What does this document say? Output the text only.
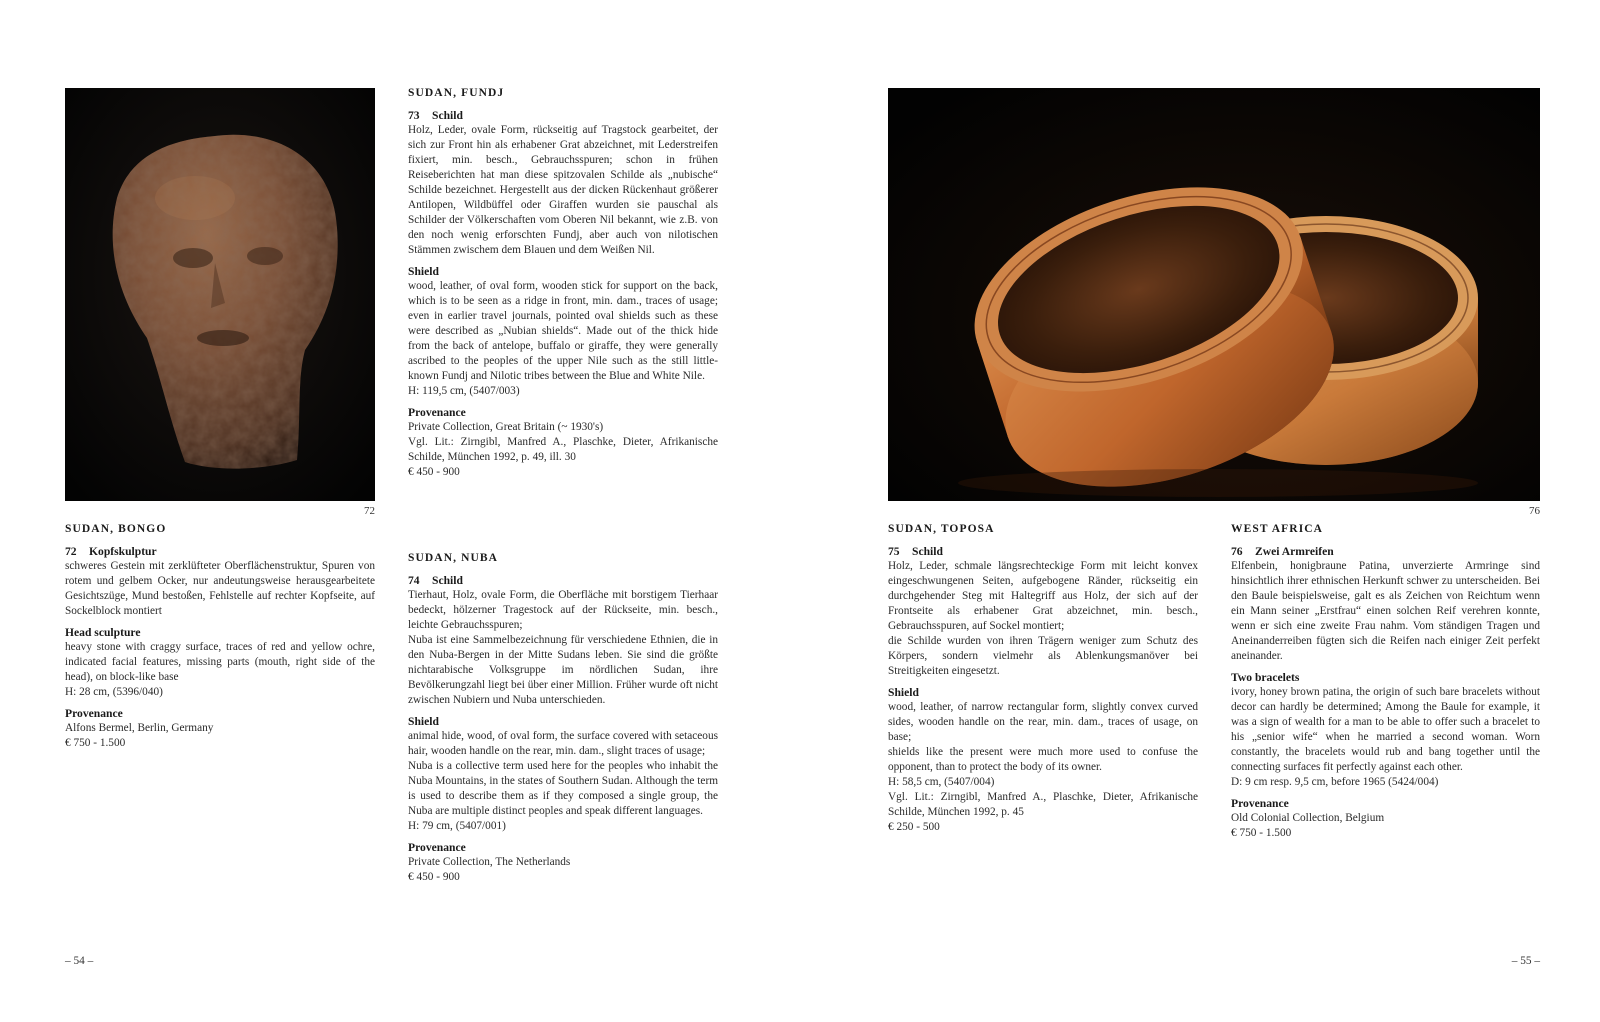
72
SUDAN, BONGO
72 Kopfskulptur

schweres Gestein mit zerklüfteter Oberflächenstruktur, Spuren von rotem und gelbem Ocker, nur andeutungsweise herausgearbeitete Gesichtszüge, Mund bestoßen, Fehlstelle auf rechter Kopfseite, auf Sockelblock montiert

Head sculpture

heavy stone with craggy surface, traces of red and yellow ochre, indicated facial features, missing parts (mouth, right side of the head), on block-like base

H: 28 cm, (5396/040)

Provenance

Alfons Bermel, Berlin, Germany

€ 750 - 1.500

SUDAN, FUNDJ
73 Schild

Holz, Leder, ovale Form, rückseitig auf Tragstock gearbeitet, der sich zur Front hin als erhabener Grat abzeichnet, mit Lederstreifen fixiert, min. besch., Gebrauchsspuren; schon in frühen Reiseberichten hat man diese spitzovalen Schilde als „nubische“ Schilde bezeichnet. Hergestellt aus der dicken Rückenhaut größerer Antilopen, Wildbüffel oder Giraffen wurden sie pauschal als Schilder der Völkerschaften vom Oberen Nil bekannt, wie z.B. von den noch wenig erforschten Fundj, aber auch von nilotischen Stämmen zwischem dem Blauen und dem Weißen Nil.

Shield

wood, leather, of oval form, wooden stick for support on the back, which is to be seen as a ridge in front, min. dam., traces of usage; even in earlier travel journals, pointed oval shields such as these were described as „Nubian shields“. Made out of the thick hide from the back of antelope, buffalo or giraffe, they were generally ascribed to the peoples of the upper Nile such as the still little-known Fundj and Nilotic tribes between the Blue and White Nile.

H: 119,5 cm, (5407/003)

Provenance

Private Collection, Great Britain (~ 1930's)

Vgl. Lit.: Zirngibl, Manfred A., Plaschke, Dieter, Afrikanische Schilde, München 1992, p. 49, ill. 30

€ 450 - 900

SUDAN, NUBA
74 Schild

Tierhaut, Holz, ovale Form, die Oberfläche mit borstigem Tierhaar bedeckt, hölzerner Tragestock auf der Rückseite, min. besch., leichte Gebrauchsspuren;

Nuba ist eine Sammelbezeichnung für verschiedene Ethnien, die in den Nuba-Bergen in der Mitte Sudans leben. Sie sind die größte nichtarabische Volksgruppe im nördlichen Sudan, ihre Bevölkerungzahl liegt bei über einer Million. Früher wurde oft nicht zwischen Nubiern und Nuba unterschieden.

Shield

animal hide, wood, of oval form, the surface covered with setaceous hair, wooden handle on the rear, min. dam., slight traces of usage;

Nuba is a collective term used here for the peoples who inhabit the Nuba Mountains, in the states of Southern Sudan. Although the term is used to describe them as if they composed a single group, the Nuba are multiple distinct peoples and speak different languages.

H: 79 cm, (5407/001)

Provenance

Private Collection, The Netherlands

€ 450 - 900

– 54 –
76
SUDAN, TOPOSA
75 Schild

Holz, Leder, schmale längsrechteckige Form mit leicht konvex eingeschwungenen Seiten, aufgebogene Ränder, rückseitig ein durchgehender Steg mit Haltegriff aus Holz, der sich auf der Frontseite als erhabener Grat abzeichnet, min. besch., Gebrauchsspuren, auf Sockel montiert;

die Schilde wurden von ihren Trägern weniger zum Schutz des Körpers, sondern vielmehr als Ablenkungsmanöver bei Streitigkeiten eingesetzt.

Shield

wood, leather, of narrow rectangular form, slightly convex curved sides, wooden handle on the rear, min. dam., traces of usage, on base;

shields like the present were much more used to confuse the opponent, than to protect the body of its owner.

H: 58,5 cm, (5407/004)

Vgl. Lit.: Zirngibl, Manfred A., Plaschke, Dieter, Afrikanische Schilde, München 1992, p. 45

€ 250 - 500

WEST AFRICA
76 Zwei Armreifen

Elfenbein, honigbraune Patina, unverzierte Armringe sind hinsichtlich ihrer ethnischen Herkunft schwer zu unterscheiden. Bei den Baule beispielsweise, galt es als Zeichen von Reichtum wenn ein Mann seiner „Erstfrau“ einen solchen Reif verehren konnte, wenn er sich eine zweite Frau nahm. Vom ständigen Tragen und Aneinanderreiben fügten sich die Reifen nach einiger Zeit perfekt aneinander.

Two bracelets

ivory, honey brown patina, the origin of such bare bracelets without decor can hardly be determined; Among the Baule for example, it was a sign of wealth for a man to be able to offer such a bracelet to his „senior wife“ when he married a second woman. Worn constantly, the bracelets would rub and bang together until the connecting surfaces fit perfectly against each other.

D: 9 cm resp. 9,5 cm, before 1965 (5424/004)

Provenance

Old Colonial Collection, Belgium

€ 750 - 1.500

– 55 –
